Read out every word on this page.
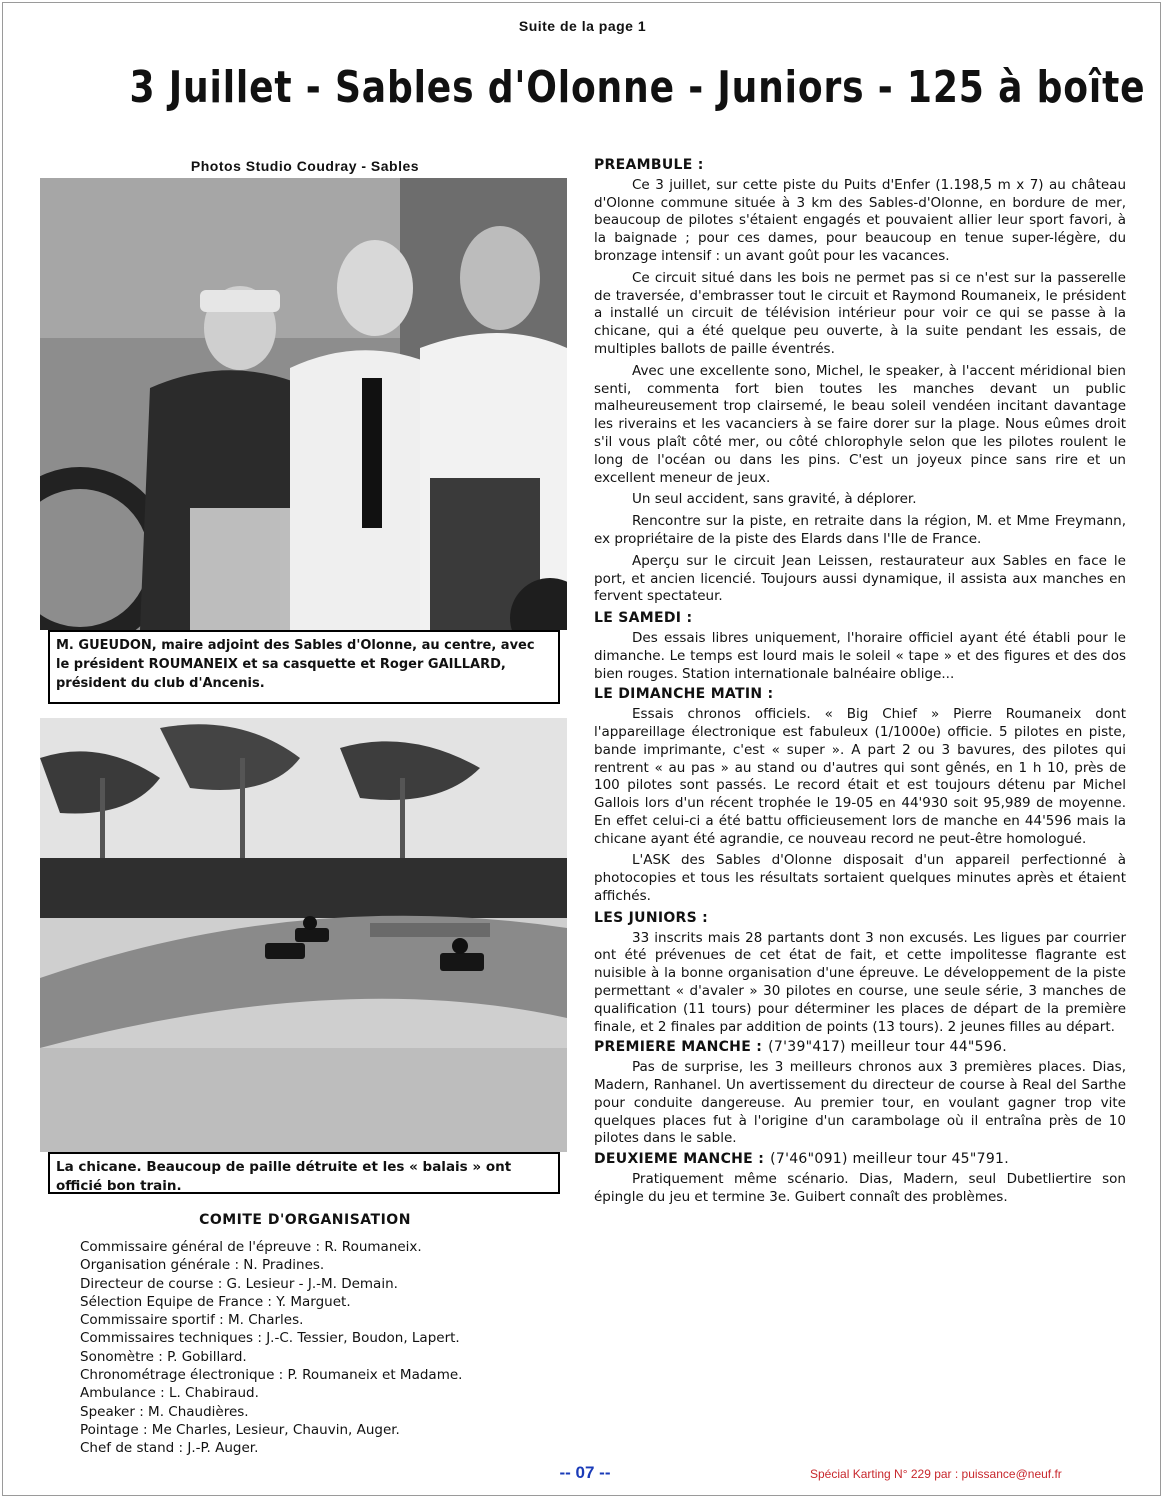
Suite de la page 1
3 Juillet - Sables d'Olonne - Juniors - 125 à boîte
Photos Studio Coudray - Sables
M. GUEUDON, maire adjoint des Sables d'Olonne, au centre, avec le président ROUMANEIX et sa casquette et Roger GAILLARD, président du club d'Ancenis.
La chicane. Beaucoup de paille détruite et les « balais » ont officié bon train.
COMITE D'ORGANISATION
Commissaire général de l'épreuve : R. Roumaneix.
Organisation générale : N. Pradines.
Directeur de course : G. Lesieur - J.-M. Demain.
Sélection Equipe de France : Y. Marguet.
Commissaire sportif : M. Charles.
Commissaires techniques : J.-C. Tessier, Boudon, Lapert.
Sonomètre : P. Gobillard.
Chronométrage électronique : P. Roumaneix et Madame.
Ambulance : L. Chabiraud.
Speaker : M. Chaudières.
Pointage : Me Charles, Lesieur, Chauvin, Auger.
Chef de stand : J.-P. Auger.
PREAMBULE :

Ce 3 juillet, sur cette piste du Puits d'Enfer (1.198,5 m x 7) au château d'Olonne commune située à 3 km des Sables-d'Olonne, en bordure de mer, beaucoup de pilotes s'étaient engagés et pouvaient allier leur sport favori, à la baignade ; pour ces dames, pour beaucoup en tenue super-légère, du bronzage intensif : un avant goût pour les vacances.

Ce circuit situé dans les bois ne permet pas si ce n'est sur la passerelle de traversée, d'embrasser tout le circuit et Raymond Roumaneix, le président a installé un circuit de télévision intérieur pour voir ce qui se passe à la chicane, qui a été quelque peu ouverte, à la suite pendant les essais, de multiples ballots de paille éventrés.

Avec une excellente sono, Michel, le speaker, à l'accent méridional bien senti, commenta fort bien toutes les manches devant un public malheureusement trop clairsemé, le beau soleil vendéen incitant davantage les riverains et les vacanciers à se faire dorer sur la plage. Nous eûmes droit s'il vous plaît côté mer, ou côté chlorophyle selon que les pilotes roulent le long de l'océan ou dans les pins. C'est un joyeux pince sans rire et un excellent meneur de jeux.

Un seul accident, sans gravité, à déplorer.

Rencontre sur la piste, en retraite dans la région, M. et Mme Freymann, ex propriétaire de la piste des Elards dans l'Ile de France.

Aperçu sur le circuit Jean Leissen, restaurateur aux Sables en face le port, et ancien licencié. Toujours aussi dynamique, il assista aux manches en fervent spectateur.

LE SAMEDI :

Des essais libres uniquement, l'horaire officiel ayant été établi pour le dimanche. Le temps est lourd mais le soleil « tape » et des figures et des dos bien rouges. Station internationale balnéaire oblige...

LE DIMANCHE MATIN :

Essais chronos officiels. « Big Chief » Pierre Roumaneix dont l'appareillage électronique est fabuleux (1/1000e) officie. 5 pilotes en piste, bande imprimante, c'est « super ». A part 2 ou 3 bavures, des pilotes qui rentrent « au pas » au stand ou d'autres qui sont gênés, en 1 h 10, près de 100 pilotes sont passés. Le record était et est toujours détenu par Michel Gallois lors d'un récent trophée le 19-05 en 44'930 soit 95,989 de moyenne. En effet celui-ci a été battu officieusement lors de manche en 44'596 mais la chicane ayant été agrandie, ce nouveau record ne peut-être homologué.

L'ASK des Sables d'Olonne disposait d'un appareil perfectionné à photocopies et tous les résultats sortaient quelques minutes après et étaient affichés.

LES JUNIORS :

33 inscrits mais 28 partants dont 3 non excusés. Les ligues par courrier ont été prévenues de cet état de fait, et cette impolitesse flagrante est nuisible à la bonne organisation d'une épreuve. Le développement de la piste permettant « d'avaler » 30 pilotes en course, une seule série, 3 manches de qualification (11 tours) pour déterminer les places de départ de la première finale, et 2 finales par addition de points (13 tours). 2 jeunes filles au départ.

PREMIERE MANCHE : (7'39"417) meilleur tour 44"596.

Pas de surprise, les 3 meilleurs chronos aux 3 premières places. Dias, Madern, Ranhanel. Un avertissement du directeur de course à Real del Sarthe pour conduite dangereuse. Au premier tour, en voulant gagner trop vite quelques places fut à l'origine d'un carambolage où il entraîna près de 10 pilotes dans le sable.

DEUXIEME MANCHE : (7'46"091) meilleur tour 45"791.

Pratiquement même scénario. Dias, Madern, seul Dubetliertire son épingle du jeu et termine 3e. Guibert connaît des problèmes.

-- 07 --	Spécial Karting N° 229 par : puissance@neuf.fr
